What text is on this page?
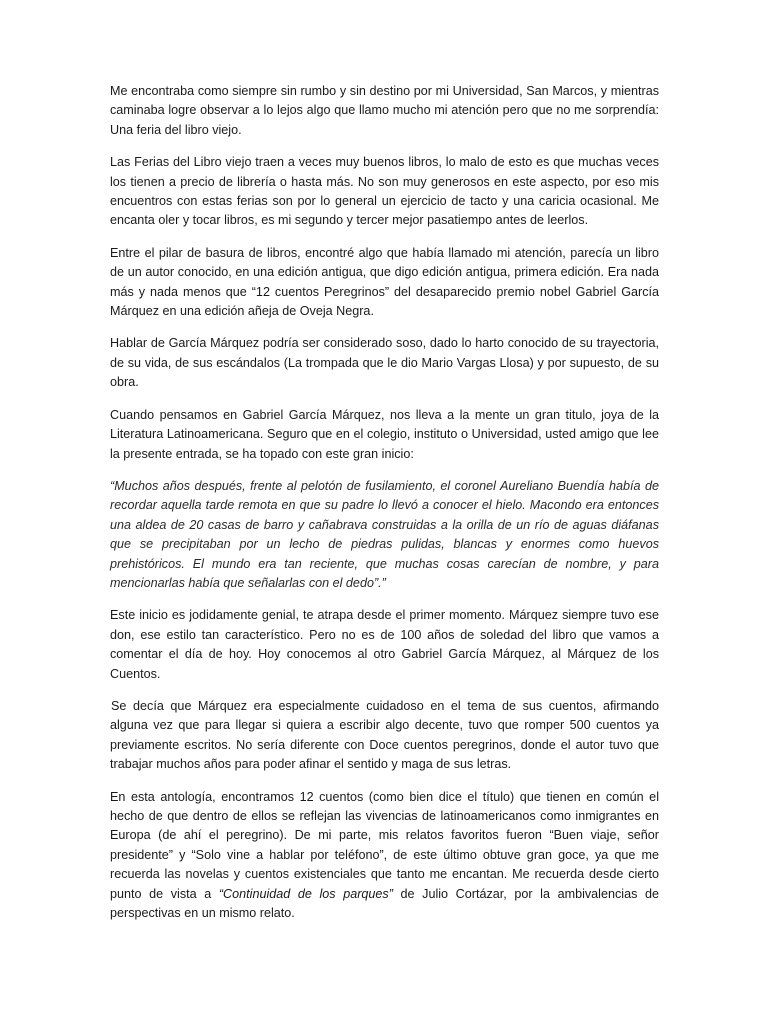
Me encontraba como siempre sin rumbo y sin destino por mi Universidad, San Marcos, y mientras caminaba logre observar a lo lejos algo que llamo mucho mi atención pero que no me sorprendía: Una feria del libro viejo.

Las Ferias del Libro viejo traen a veces muy buenos libros, lo malo de esto es que muchas veces los tienen a precio de librería o hasta más. No son muy generosos en este aspecto, por eso mis encuentros con estas ferias son por lo general un ejercicio de tacto y una caricia ocasional. Me encanta oler y tocar libros, es mi segundo y tercer mejor pasatiempo antes de leerlos.

Entre el pilar de basura de libros, encontré algo que había llamado mi atención, parecía un libro de un autor conocido, en una edición antigua, que digo edición antigua, primera edición. Era nada más y nada menos que “12 cuentos Peregrinos” del desaparecido premio nobel Gabriel García Márquez en una edición añeja de Oveja Negra.

Hablar de García Márquez podría ser considerado soso, dado lo harto conocido de su trayectoria, de su vida, de sus escándalos (La trompada que le dio Mario Vargas Llosa) y por supuesto, de su obra.

Cuando pensamos en Gabriel García Márquez, nos lleva a la mente un gran titulo, joya de la Literatura Latinoamericana. Seguro que en el colegio, instituto o Universidad, usted amigo que lee la presente entrada, se ha topado con este gran inicio:

“Muchos años después, frente al pelotón de fusilamiento, el coronel Aureliano Buendía había de recordar aquella tarde remota en que su padre lo llevó a conocer el hielo. Macondo era entonces una aldea de 20 casas de barro y cañabrava construidas a la orilla de un río de aguas diáfanas que se precipitaban por un lecho de piedras pulidas, blancas y enormes como huevos prehistóricos. El mundo era tan reciente, que muchas cosas carecían de nombre, y para mencionarlas había que señalarlas con el dedo”.”

Este inicio es jodidamente genial, te atrapa desde el primer momento. Márquez siempre tuvo ese don, ese estilo tan característico. Pero no es de 100 años de soledad del libro que vamos a comentar el día de hoy. Hoy conocemos al otro Gabriel García Márquez, al Márquez de los Cuentos.

Se decía que Márquez era especialmente cuidadoso en el tema de sus cuentos, afirmando alguna vez que para llegar si quiera a escribir algo decente, tuvo que romper 500 cuentos ya previamente escritos. No sería diferente con Doce cuentos peregrinos, donde el autor tuvo que trabajar muchos años para poder afinar el sentido y maga de sus letras.

En esta antología, encontramos 12 cuentos (como bien dice el título) que tienen en común el hecho de que dentro de ellos se reflejan las vivencias de latinoamericanos como inmigrantes en Europa (de ahí el peregrino). De mi parte, mis relatos favoritos fueron “Buen viaje, señor presidente” y “Solo vine a hablar por teléfono”, de este último obtuve gran goce, ya que me recuerda las novelas y cuentos existenciales que tanto me encantan. Me recuerda desde cierto punto de vista a “Continuidad de los parques” de Julio Cortázar, por la ambivalencias de perspectivas en un mismo relato.
